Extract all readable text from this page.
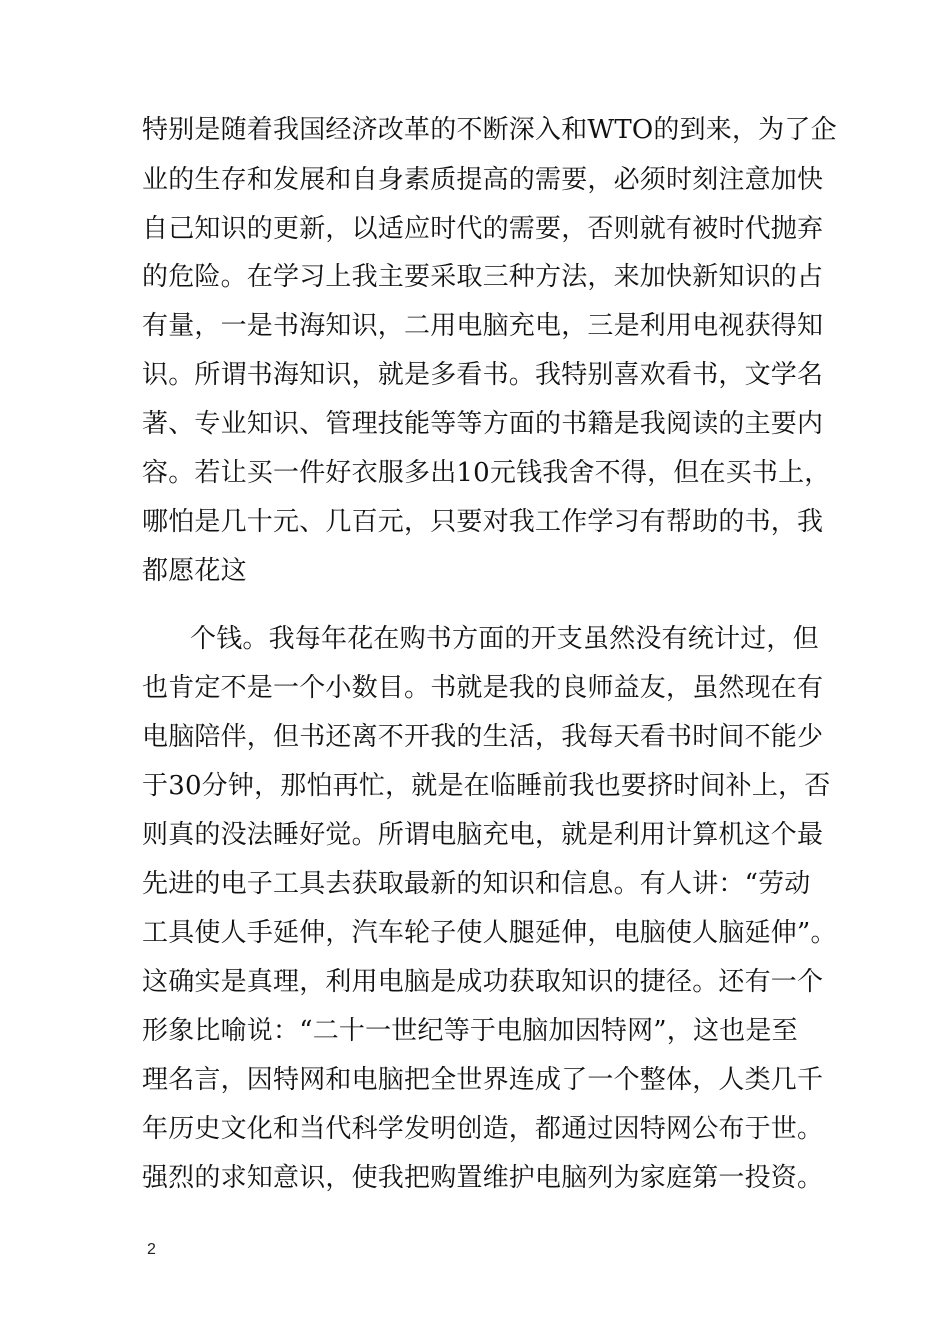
特别是随着我国经济改革的不断深入和WTO的到来，为了企
业的生存和发展和自身素质提高的需要，必须时刻注意加快
自己知识的更新，以适应时代的需要，否则就有被时代抛弃
的危险。在学习上我主要采取三种方法，来加快新知识的占
有量，一是书海知识，二用电脑充电，三是利用电视获得知
识。所谓书海知识，就是多看书。我特别喜欢看书，文学名
著、专业知识、管理技能等等方面的书籍是我阅读的主要内
容。若让买一件好衣服多出10元钱我舍不得，但在买书上，
哪怕是几十元、几百元，只要对我工作学习有帮助的书，我
都愿花这
个钱。我每年花在购书方面的开支虽然没有统计过，但
也肯定不是一个小数目。书就是我的良师益友，虽然现在有
电脑陪伴，但书还离不开我的生活，我每天看书时间不能少
于30分钟，那怕再忙，就是在临睡前我也要挤时间补上，否
则真的没法睡好觉。所谓电脑充电，就是利用计算机这个最
先进的电子工具去获取最新的知识和信息。有人讲：“劳动
工具使人手延伸，汽车轮子使人腿延伸，电脑使人脑延伸”。
这确实是真理，利用电脑是成功获取知识的捷径。还有一个
形象比喻说：“二十一世纪等于电脑加因特网”，这也是至
理名言，因特网和电脑把全世界连成了一个整体，人类几千
年历史文化和当代科学发明创造，都通过因特网公布于世。
强烈的求知意识，使我把购置维护电脑列为家庭第一投资。
2
